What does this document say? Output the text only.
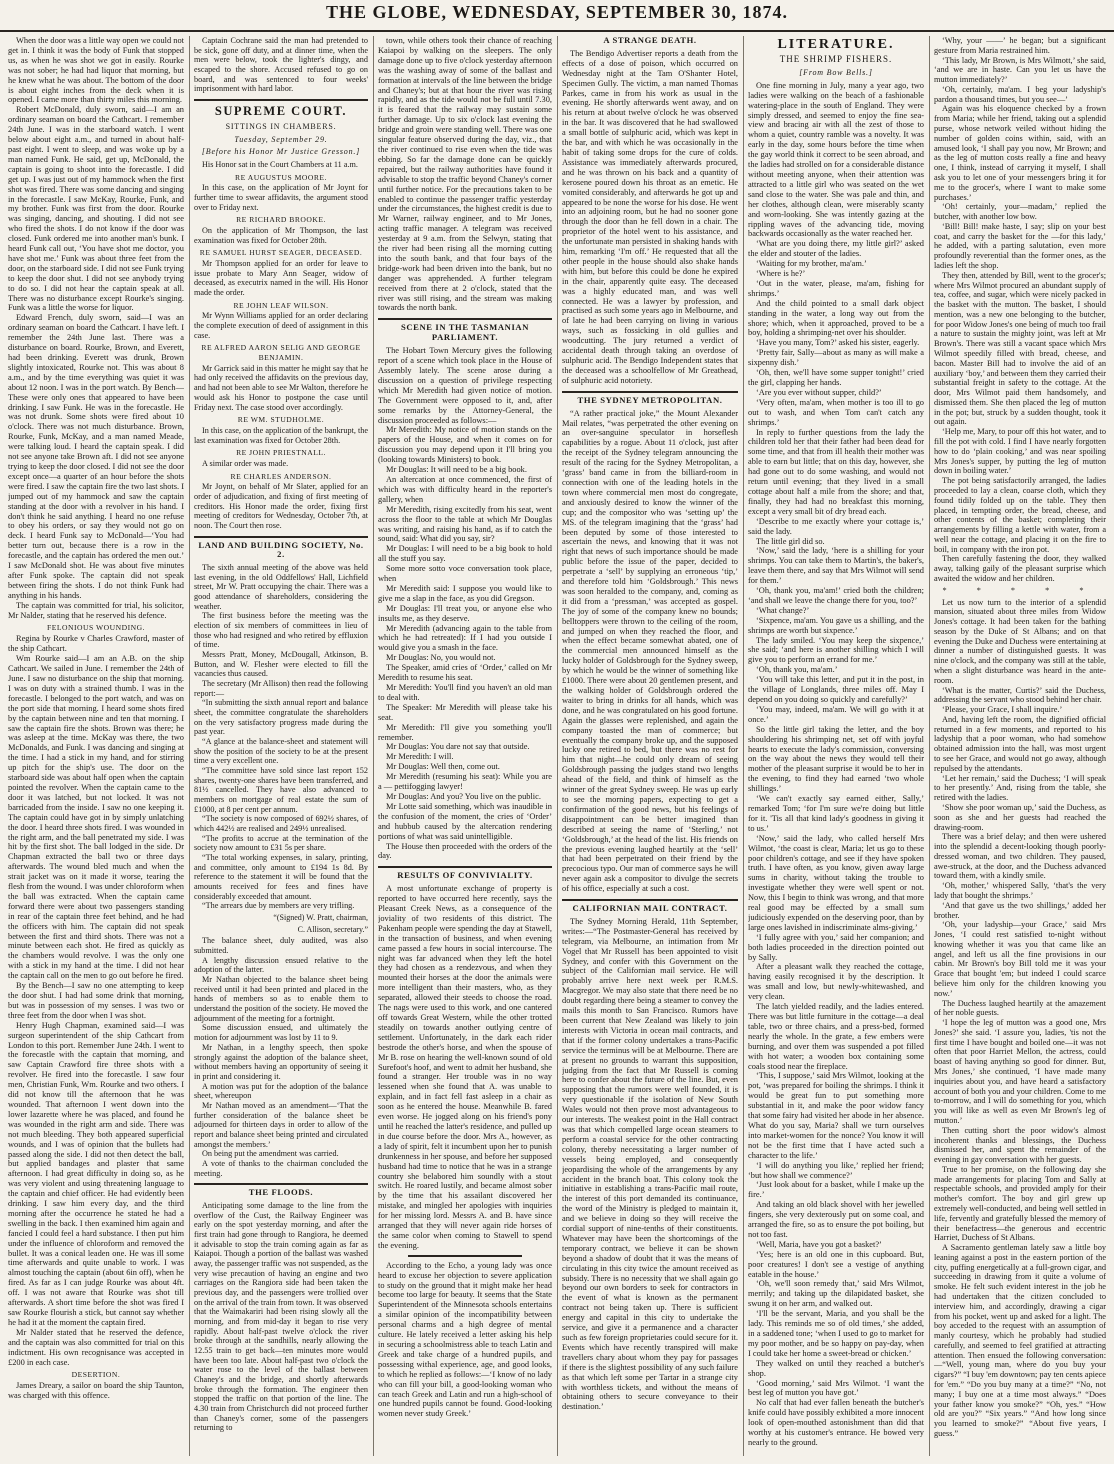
THE GLOBE, WEDNESDAY, SEPTEMBER 30, 1874.

When the door was a little way open we could not get in. I think it was the body of Funk that stopped us, as when he was shot we got in easily. Rourke was not sober; he had had liquor that morning, but he knew what he was about. The bottom of the door is about eight inches from the deck when it is opened. I came more than thirty miles this morning.

Robert McDonald, duly sworn, said—I am an ordinary seaman on board the Cathcart. I remember 24th June. I was in the starboard watch. I went below about eight a.m., and turned in about half-past eight. I went to sleep, and was woke up by a man named Funk. He said, get up, McDonald, the captain is going to shoot into the forecastle. I did get up. I was just out of my hammock when the first shot was fired. There was some dancing and singing in the forecastle. I saw McKay, Rourke, Funk, and my brother. Funk was first from the door. Rourke was singing, dancing, and shouting. I did not see who fired the shots. I do not know if the door was closed. Funk ordered me into another man's bunk. I heard Funk call out, ‘You have shot me doctor, you have shot me.’ Funk was about three feet from the door, on the starboard side. I did not see Funk trying to keep the door shut. I did not see anybody trying to do so. I did not hear the captain speak at all. There was no disturbance except Rourke's singing. Funk was a little the worse for liquor.

Edward French, duly sworn, said—I was an ordinary seaman on board the Cathcart. I have left. I remember the 24th June last. There was a disturbance on board. Rourke, Brown, and Everett, had been drinking. Everett was drunk, Brown slightly intoxicated, Rourke not. This was about 8 a.m., and by the time everything was quiet it was about 12 noon. I was in the port watch. By Bench—These were only ones that appeared to have been drinking. I saw Funk. He was in the forecastle. He was not drunk. Some shots were fired about 10 o'clock. There was not much disturbance. Brown, Rourke, Funk, McKay, and a man named Meade, were talking loud. I heard the captain speak. I did not see anyone take Brown aft. I did not see anyone trying to keep the door closed. I did not see the door except once—a quarter of an hour before the shots were fired. I saw the captain fire the two last shots. I jumped out of my hammock and saw the captain standing at the door with a revolver in his hand. I don't think he said anything. I heard no one refuse to obey his orders, or say they would not go on deck. I heard Funk say to McDonald—‘You had better turn out, because there is a row in the forecastle, and the captain has ordered the men out.’ I saw McDonald shot. He was about five minutes after Funk spoke. The captain did not speak between firing the shots. I do not think Funk had anything in his hands.

The captain was committed for trial, his solicitor, Mr Nalder, stating that he reserved his defence.

FELONIOUS WOUNDING.

Regina by Rourke v Charles Crawford, master of the ship Cathcart.

Wm Rourke said—I am an A.B. on the ship Cathcart. We sailed in June. I remember the 24th of June. I saw no disturbance on the ship that morning. I was on duty with a strained thumb. I was in the forecastle. I belonged to the port watch, and was on the port side that morning. I heard some shots fired by the captain between nine and ten that morning. I saw the captain fire the shots. Brown was there; he was asleep at the time. McKay was there, the two McDonalds, and Funk. I was dancing and singing at the time. I had a stick in my hand, and for stirring up pitch for the ship's use. The door on the starboard side was about half open when the captain pointed the revolver. When the captain came to the door it was latched, but not locked. It was not barricaded from the inside. I saw no one keeping it. The captain could have got in by simply unlatching the door. I heard three shots fired. I was wounded in the right arm, and the ball penetrated my side. I was hit by the first shot. The ball lodged in the side. Dr Chapman extracted the ball two or three days afterwards. The wound bled much and when the strait jacket was on it made it worse, tearing the flesh from the wound. I was under chloroform when the ball was extracted. When the captain came forward there were about two passengers standing in rear of the captain three feet behind, and he had the officers with him. The captain did not speak between the first and third shots. There was not a minute between each shot. He fired as quickly as the chambers would revolve. I was the only one with a stick in my hand at the time. I did not hear the captain call on the men to go out before he fired.

By the Bench—I saw no one attempting to keep the door shut. I had had some drink that morning, but was in possession of my senses. I was two or three feet from the door when I was shot.

Henry Hugh Chapman, examined said—I was surgeon superintendent of the ship Cathcart from London to this port. Remember June 24th. I went to the forecastle with the captain that morning, and saw Captain Crawford fire three shots with a revolver. He fired into the forecastle. I saw four men, Christian Funk, Wm. Rourke and two others. I did not know till the afternoon that he was wounded. That afternoon I went down into the lower lazarette where he was placed, and found he was wounded in the right arm and side. There was not much bleeding. They both appeared superficial wounds, and I was of opinion that the bullets had passed along the side. I did not then detect the ball, but applied bandages and plaster that same afternoon. I had great difficulty in doing so, as he was very violent and using threatening language to the captain and chief officer. He had evidently been drinking. I saw him every day, and the third morning after the occurrence he stated he had a swelling in the back. I then examined him again and fancied I could feel a hard substance. I then put him under the influence of chloroform and removed the bullet. It was a conical leaden one. He was ill some time afterwards and quite unable to work. I was almost touching the captain (about 6in off), when he fired. As far as I can judge Rourke was about 4ft. off. I was not aware that Rourke was shot till afterwards. A short time before the shot was fired I saw Rourke flourish a stick, but cannot say whether he had it at the moment the captain fired.

Mr Nalder stated that he reserved the defence, and the captain was also committed for trial on this indictment. His own recognisance was accepted in £200 in each case.

DESERTION.

James Dreary, a sailor on board the ship Taunton, was charged with this offence.

Captain Cochrane said the man had pretended to be sick, gone off duty, and at dinner time, when the men were below, took the lighter's dingy, and escaped to the shore. Accused refused to go on board, and was sentenced to four weeks' imprisonment with hard labor.

SUPREME COURT.
SITTINGS IN CHAMBERS.
Tuesday, September 29.
[Before his Honor Mr Justice Gresson.]

His Honor sat in the Court Chambers at 11 a.m.

RE AUGUSTUS MOORE.

In this case, on the application of Mr Joynt for further time to swear affidavits, the argument stood over to Friday next.

RE RICHARD BROOKE.

On the application of Mr Thompson, the last examination was fixed for October 28th.

RE SAMUEL HURST SEAGER, DECEASED.

Mr Thompson applied for an order for leave to issue probate to Mary Ann Seager, widow of deceased, as executrix named in the will. His Honor made the order.

RE JOHN LEAF WILSON.

Mr Wynn Williams applied for an order declaring the complete execution of deed of assignment in this case.

RE ALFRED AARON SELIG AND GEORGE BENJAMIN.

Mr Garrick said in this matter he might say that he had only received the affidavits on the previous day, and had not been able to see Mr Walton, therefore he would ask his Honor to postpone the case until Friday next. The case stood over accordingly.

RE WM. STUDHOLME.

In this case, on the application of the bankrupt, the last examination was fixed for October 28th.

RE JOHN PRIESTNALL.

A similar order was made.

RE CHARLES ANDERSON.

Mr Joynt, on behalf of Mr Slater, applied for an order of adjudication, and fixing of first meeting of creditors. His Honor made the order, fixing first meeting of creditors for Wednesday, October 7th, at noon. The Court then rose.

LAND AND BUILDING SOCIETY, No. 2.

The sixth annual meeting of the above was held last evening, in the old Oddfellows' Hall, Lichfield street, Mr W. Pratt occupying the chair. There was a good attendance of shareholders, considering the weather.

The first business before the meeting was the election of six members of committees in lieu of those who had resigned and who retired by effluxion of time.

Messrs Pratt, Money, McDougall, Atkinson, B. Button, and W. Flesher were elected to fill the vacancies thus caused.

The secretary (Mr Allison) then read the following report:—

“In submitting the sixth annual report and balance sheet, the committee congratulate the shareholders on the very satisfactory progress made during the past year.

“A glance at the balance-sheet and statement will show the position of the society to be at the present time a very excellent one.

“The committee have sold since last report 152 shares, twenty-one shares have been transferred, and 81½ cancelled. They have also advanced to members on mortgage of real estate the sum of £1000, at 8 per cent per annum.

“The society is now composed of 692½ shares, of which 442½ are realised and 249½ unrealised.

“The profits to accrue at the termination of the society now amount to £31 5s per share.

“The total working expenses, in salary, printing, and committee, only amount to £194 1s 8d. By reference to the statement it will be found that the amounts received for fees and fines have considerably exceeded that amount.

“The arrears due by members are very trifling.

“(Signed) W. Pratt, chairman,
C. Allison, secretary.”

The balance sheet, duly audited, was also submitted.

A lengthy discussion ensued relative to the adoption of the latter.

Mr Nathan objected to the balance sheet being received until it had been printed and placed in the hands of members so as to enable them to understand the position of the society. He moved the adjournment of the meeting for a fortnight.

Some discussion ensued, and ultimately the motion for adjournment was lost by 11 to 9.

Mr Nathan, in a lengthy speech, then spoke strongly against the adoption of the balance sheet, without members having an opportunity of seeing it in print and considering it.

A motion was put for the adoption of the balance sheet, whereupon

Mr Nathan moved as an amendment—‘That the further consideration of the balance sheet be adjourned for thirteen days in order to allow of the report and balance sheet being printed and circulated amongst the members.’

On being put the amendment was carried.

A vote of thanks to the chairman concluded the meeting.

THE FLOODS.

Anticipating some damage to the line from the overflow of the Cust, the Railway Engineer was early on the spot yesterday morning, and after the first train had gone through to Rangiora, he deemed it advisable to stop the train coming again as far as Kaiapoi. Though a portion of the ballast was washed away, the passenger traffic was not suspended, as the very wise precaution of having an engine and two carriages on the Rangiora side had been taken the previous day, and the passengers were trollied over on the arrival of the train from town. It was observed that the Waimakariri had been rising slowly all the morning, and from mid-day it began to rise very rapidly. About half-past twelve o'clock the river broke through at the sandhills, nearly allowing the 12.55 train to get back—ten minutes more would have been too late. About half-past two o'clock the water rose to the level of the ballast between Chaney's and the bridge, and shortly afterwards broke through the formation. The engineer then stopped the traffic on that portion of the line. The 4.30 train from Christchurch did not proceed further than Chaney's corner, some of the passengers returning to

town, while others took their chance of reaching Kaiapoi by walking on the sleepers. The only damage done up to five o'clock yesterday afternoon was the washing away of some of the ballast and formation at intervals of the line between the bridge and Chaney's; but at that hour the river was rising rapidly, and as the tide would not be full until 7.30, it is feared that the railway may sustain some further damage. Up to six o'clock last evening the bridge and groin were standing well. There was one singular feature observed during the day, viz., that the river continued to rise even when the tide was ebbing. So far the damage done can be quickly repaired, but the railway authorities have found it advisable to stop the traffic beyond Chaney's corner until further notice. For the precautions taken to be enabled to continue the passenger traffic yesterday under the circumstances, the highest credit is due to Mr Warner, railway engineer, and to Mr Jones, acting traffic manager. A telegram was received yesterday at 9 a.m. from the Selwyn, stating that the river had been rising all the morning cutting into the south bank, and that four bays of the bridge-work had been driven into the bank, but no danger was apprehended. A further telegram received from there at 2 o'clock, stated that the river was still rising, and the stream was making towards the north bank.

SCENE IN THE TASMANIAN PARLIAMENT.

The Hobart Town Mercury gives the following report of a scene which took place in the House of Assembly lately. The scene arose during a discussion on a question of privilege respecting which Mr Meredith had given notice of motion. The Government were opposed to it, and, after some remarks by the Attorney-General, the discussion proceeded as follows:—

Mr Meredith: My notice of motion stands on the papers of the House, and when it comes on for discussion you may depend upon it I'll bring you (looking towards Ministers) to book.

Mr Douglas: It will need to be a big book.

An altercation at once commenced, the first of which was with difficulty heard in the reporter's gallery, when

Mr Meredith, rising excitedly from his seat, went across the floor to the table at which Mr Douglas was writing, and raising his hand, as if to catch the sound, said: What did you say, sir?

Mr Douglas: I will need to be a big book to hold all the stuff you say.

Some more sotto voce conversation took place, when

Mr Meredith said: I suppose you would like to give me a slap in the face, as you did Gregson.

Mr Douglas: I'll treat you, or anyone else who insults me, as they deserve.

Mr Meredith (advancing again to the table from which he had retreated): If I had you outside I would give you a smash in the face.

Mr Douglas: No, you would not.

The Speaker, amid cries of ‘Order,’ called on Mr Meredith to resume his seat.

Mr Meredith: You'll find you haven't an old man to deal with.

The Speaker: Mr Meredith will please take his seat.

Mr Meredith: I'll give you something you'll remember.

Mr Douglas: You dare not say that outside.

Mr Meredith: I will.

Mr Douglas: Well then, come out.

Mr Meredith (resuming his seat): While you are a — pettifogging lawyer!

Mr Douglas: And you? You live on the public.

Mr Lotte said something, which was inaudible in the confusion of the moment, the cries of ‘Order’ and hubbub caused by the altercation rendering portions of what was said unintelligible.

The House then proceeded with the orders of the day.

RESULTS OF CONVIVIALITY.

A most unfortunate exchange of property is reported to have occurred here recently, says the Pleasant Creek News, as a consequence of the joviality of two residents of this district. The Pakenham people were spending the day at Stawell, in the transaction of business, and when evening came passed a few hours in social intercourse. The night was far advanced when they left the hotel they had chosen as a rendezvous, and when they mounted their horses at the door the animals were more intelligent than their masters, who, as they separated, allowed their steeds to choose the road. The nags were used to this work, and one cantered off towards Great Western, while the other trotted steadily on towards another outlying centre of settlement. Unfortunately, in the dark each rider bestrode the other's horse, and when the spouse of Mr B. rose on hearing the well-known sound of old Surefoot's hoof, and went to admit her husband, she found a stranger. Her trouble was in no way lessened when she found that A. was unable to explain, and in fact fell fast asleep in a chair as soon as he entered the house. Meanwhile B. fared even worse. He jogged along on his friend's pony until he reached the latter's residence, and pulled up in due course before the door. Mrs A., however, as a lady of spirit, felt it incumbent upon her to punish drunkenness in her spouse, and before her supposed husband had time to notice that he was in a strange country she belabored him soundly with a stout switch. He roared lustily, and became almost sober by the time that his assailant discovered her mistake, and mingled her apologies with inquiries for her missing lord. Messrs A. and B. have since arranged that they will never again ride horses of the same color when coming to Stawell to spend the evening.

According to the Echo, a young lady was once heard to excuse her objection to severe application to study on the ground that it might make her head become too large for beauty. It seems that the State Superintendent of the Minnesota schools entertains a similar opinion of the incompatibility between personal charms and a high degree of mental culture. He lately received a letter asking his help in securing a schoolmistress able to teach Latin and Greek and take charge of a hundred pupils, and possessing withal experience, age, and good looks, to which he replied as follows:—‘I know of no lady who can fill your bill, a good-looking woman who can teach Greek and Latin and run a high-school of one hundred pupils cannot be found. Good-looking women never study Greek.’

A STRANGE DEATH.

The Bendigo Advertiser reports a death from the effects of a dose of poison, which occurred on Wednesday night at the Tam O'Shanter Hotel, Specimen Gully. The victim, a man named Thomas Parkes, came in from his work as usual in the evening. He shortly afterwards went away, and on his return at about twelve o'clock he was observed in the bar. It was discovered that he had swallowed a small bottle of sulphuric acid, which was kept in the bar, and with which he was occasionally in the habit of taking some drops for the cure of colds. Assistance was immediately afterwards procured, and he was thrown on his back and a quantity of kerosene poured down his throat as an emetic. He vomited considerably, and afterwards he got up and appeared to be none the worse for his dose. He went into an adjoining room, but he had no sooner gone through the door than he fell down in a chair. The proprietor of the hotel went to his assistance, and the unfortunate man persisted in shaking hands with him, remarking ‘I'm off.’ He requested that all the other people in the house should also shake hands with him, but before this could be done he expired in the chair, apparently quite easy. The deceased was a highly educated man, and was well connected. He was a lawyer by profession, and practised as such some years ago in Melbourne, and of late he had been carrying on living in various ways, such as fossicking in old gullies and woodcutting. The jury returned a verdict of accidental death through taking an overdose of sulphuric acid. The Bendigo Independent states that the deceased was a schoolfellow of Mr Greathead, of sulphuric acid notoriety.

THE SYDNEY METROPOLITAN.

“A rather practical joke,” the Mount Alexander Mail relates, “was perpetrated the other evening on an over-sanguine speculator in horseflesh capabilities by a rogue. About 11 o'clock, just after the receipt of the Sydney telegram announcing the result of the racing for the Sydney Metropolitan, a ‘grass’ band came in from the billiard-room in connection with one of the leading hotels in the town where commercial men most do congregate, and anxiously desired to know the winner of the cup; and the compositor who was ‘setting up’ the MS. of the telegram imagining that the ‘grass’ had been deputed by some of those interested to ascertain the news, and knowing that it was not right that news of such importance should be made public before the issue of the paper, decided to perpetrate a ‘sell’ by supplying an erroneous ‘tip,’ and therefore told him ‘Goldsbrough.’ This news was soon heralded to the company, and, coming as it did from a ‘pressman,’ was accepted as gospel. The joy of some of the company knew no bounds; belltoppers were thrown to the ceiling of the room, and jumped on when they reached the floor, and when the effect became somewhat abated, one of the commercial men announced himself as the lucky holder of Goldsbrough for the Sydney sweep, by which he would be the winner of something like £1000. There were about 20 gentlemen present, and the walking holder of Goldsbrough ordered the waiter to bring in drinks for all hands, which was done, and he was congratulated on his good fortune. Again the glasses were replenished, and again the company toasted the man of commerce; but eventually the company broke up, and the supposed lucky one retired to bed, but there was no rest for him that night—he could only dream of seeing Goldsbrough passing the judges stand two lengths ahead of the field, and think of himself as the winner of the great Sydney sweep. He was up early to see the morning papers, expecting to get a confirmation of the good news, but his feelings of disappointment can be better imagined than described at seeing the name of ‘Sterling,’ not ‘Goldsbrough,’ at the head of the list. His friends on the previous evening laughed heartily at the ‘sell’ that had been perpetrated on their friend by the precocious typo. Our man of commerce says he will never again ask a compositor to divulge the secrets of his office, especially at such a cost.

CALIFORNIAN MAIL CONTRACT.

The Sydney Morning Herald, 11th September, writes:—“The Postmaster-General has received by telegram, via Melbourne, an intimation from Mr Vogel that Mr Russell has been appointed to visit Sydney, and confer with this Government on the subject of the Californian mail service. He will probably arrive here next week per R.M.S. Macgregor. We may also state that there need be no doubt regarding there being a steamer to convey the mails this month to San Francisco. Rumors have been current that New Zealand was likely to join interests with Victoria in ocean mail contracts, and that if the former colony undertakes a trans-Pacific service the terminus will be at Melbourne. There are at present no grounds to warrant this supposition, judging from the fact that Mr Russell is coming here to confer about the future of the line. But, even supposing that the rumors were well founded, it is very questionable if the isolation of New South Wales would not then prove most advantageous to our interests. The weakest point in the Hall contract was that which compelled large ocean steamers to perform a coastal service for the other contracting colony, thereby necessitating a larger number of vessels being employed, and consequently jeopardising the whole of the arrangements by any accident in the branch boat. This colony took the initiative in establishing a trans-Pacific mail route, the interest of this port demanded its continuance, the word of the Ministry is pledged to maintain it, and we believe in doing so they will receive the cordial support of nine-tenths of their constituents. Whatever may have been the shortcomings of the temporary contract, we believe it can be shown beyond a shadow of doubt that it was the means of circulating in this city twice the amount received as subsidy. There is no necessity that we shall again go beyond our own borders to seek for contractors in the event of what is known as the permanent contract not being taken up. There is sufficient energy and capital in this city to undertake the service, and give it a permanence and a character such as few foreign proprietaries could secure for it. Events which have recently transpired will make travellers chary about whom they pay for passages if there is the slightest possibility of any such failure as that which left some per Tartar in a strange city with worthless tickets, and without the means of obtaining others to secure conveyance to their destination.’

LITERATURE.
THE SHRIMP FISHERS.
[From Bow Bells.]

One fine morning in July, many a year ago, two ladies were walking on the beach of a fashionable watering-place in the south of England. They were simply dressed, and seemed to enjoy the fine sea-view and bracing air with all the zest of those to whom a quiet, country ramble was a novelty. It was early in the day, some hours before the time when the gay world think it correct to be seen abroad, and the ladies had strolled on for a considerable distance without meeting anyone, when their attention was attracted to a little girl who was seated on the wet sand close to the water. She was pale and thin, and her clothes, although clean, were miserably scanty and worn-looking. She was intently gazing at the rippling waves of the advancing tide, moving backwards occasionally as the water reached her.

‘What are you doing there, my little girl?’ asked the elder and stouter of the ladies.

‘Waiting for my brother, ma'am.’

‘Where is he?’

‘Out in the water, please, ma'am, fishing for shrimps.’

And the child pointed to a small dark object standing in the water, a long way out from the shore; which, when it approached, proved to be a boy, holding a shrimping-net over his shoulder.

‘Have you many, Tom?’ asked his sister, eagerly.

‘Pretty fair, Sally—about as many as will make a sixpenny dish.’

‘Oh, then, we'll have some supper tonight!’ cried the girl, clapping her hands.

‘Are you ever without supper, child?’

‘Very often, ma'am, when mother is too ill to go out to wash, and when Tom can't catch any shrimps.’

In reply to further questions from the lady the children told her that their father had been dead for some time, and that from ill health their mother was able to earn but little; that on this day, however, she had gone out to do some washing, and would not return until evening; that they lived in a small cottage about half a mile from the shore; and that, finally, they had had no breakfast this morning, except a very small bit of dry bread each.

‘Describe to me exactly where your cottage is,’ said the lady.

The little girl did so.

‘Now,’ said the lady, ‘here is a shilling for your shrimps. You can take them to Martin's, the baker's, leave them there, and say that Mrs Wilmot will send for them.’

‘Oh, thank you, ma'am!’ cried both the children; ‘and shall we leave the change there for you, too?’

‘What change?’

‘Sixpence, ma'am. You gave us a shilling, and the shrimps are worth but sixpence.’

The lady smiled. ‘You may keep the sixpence,’ she said; ‘and here is another shilling which I will give you to perform an errand for me.’

‘Oh, thank you, ma'am.’

‘You will take this letter, and put it in the post, in the village of Longlands, three miles off. May I depend on you doing so quickly and carefully?’

‘You may, indeed, ma'am. We will go with it at once.’

So the little girl taking the letter, and the boy shouldering his shrimping net, set off with joyful hearts to execute the lady's commission, conversing on the way about the news they would tell their mother of the pleasant surprise it would be to her in the evening, to find they had earned ‘two whole shillings.’

‘We can't exactly say earned either, Sally,’ remarked Tom; ‘for I'm sure we're doing but little for it. 'Tis all that kind lady's goodness in giving it to us.’

‘Now,’ said the lady, who called herself Mrs Wilmot, ‘the coast is clear, Maria; let us go to these poor children's cottage, and see if they have spoken truth. I have often, as you know, given away large sums in charity, without taking the trouble to investigate whether they were well spent or not. Now, this I begin to think was wrong, and that more real good may be effected by a small sum judiciously expended on the deserving poor, than by large ones lavished in indiscriminate alms-giving.’

‘I fully agree with you,’ said her companion; and both ladies proceeded in the direction pointed out by Sally.

After a pleasant walk they reached the cottage, having easily recognised it by the description. It was small and low, but newly-whitewashed, and very clean.

The latch yielded readily, and the ladies entered. There was but little furniture in the cottage—a deal table, two or three chairs, and a press-bed, formed nearly the whole. In the grate, a few embers were burning, and over them was suspended a pot filled with hot water; a wooden box containing some coals stood near the fireplace.

‘This, I suppose,’ said Mrs Wilmot, looking at the pot, ‘was prepared for boiling the shrimps. I think it would be great fun to put something more substantial in it, and make the poor widow fancy that some fairy had visited her abode in her absence. What do you say, Maria? shall we turn ourselves into market-women for the nonce? You know it will not be the first time that I have acted such a character to the life.’

‘I will do anything you like,’ replied her friend; ‘but how shall we commence?’

‘Just look about for a basket, while I make up the fire.’

And taking an old black shovel with her jewelled fingers, she very dexterously put on some coal, and arranged the fire, so as to ensure the pot boiling, but not too fast.

‘Well, Maria, have you got a basket?’

‘Yes; here is an old one in this cupboard. But, poor creatures! I don't see a vestige of anything eatable in the house.’

‘Oh, we'll soon remedy that,’ said Mrs Wilmot, merrily; and taking up the dilapidated basket, she swung it on her arm, and walked out.

‘I'll be the servant, Maria, and you shall be the lady. This reminds me so of old times,’ she added, in a saddened tone; ‘when I used to go to market for my poor mother, and be so happy on pay-day, when I could take her home a sweet-bread or chicken.’

They walked on until they reached a butcher's shop.

‘Good morning,’ said Mrs Wilmot. ‘I want the best leg of mutton you have got.’

No calf that had ever fallen beneath the butcher's knife could have possibly exhibited a more innocent look of open-mouthed astonishment than did that worthy at his customer's entrance. He bowed very nearly to the ground.

‘Why, your ——’ he began; but a significant gesture from Maria restrained him.

‘This lady, Mr Brown, is Mrs Wilmott,’ she said, ‘and we are in haste. Can you let us have the mutton immediately?’

‘Oh, certainly, ma'am. I beg your ladyship's pardon a thousand times, but you see—’

Again was his eloquence checked by a frown from Maria; while her friend, taking out a splendid purse, whose network veiled without hiding the number of golden coins within, said, with an amused look, ‘I shall pay you now, Mr Brown; and as the leg of mutton costs really a fine and heavy one, I think, instead of carrying it myself, I shall ask you to let one of your messengers bring it for me to the grocer's, where I want to make some purchases.’

‘Oh! certainly, your—madam,’ replied the butcher, with another low bow.

‘Bill! Bill! make haste, I say; slip on your best coat, and carry the basket for the —for this lady,’ he added, with a parting salutation, even more profoundly reverential than the former ones, as the ladies left the shop.

They then, attended by Bill, went to the grocer's; where Mrs Wilmot procured an abundant supply of tea, coffee, and sugar, which were nicely packed in the basket with the mutton. The basket, I should mention, was a new one belonging to the butcher, for poor Widow Jones's one being of much too frail a nature to sustain the mighty joint, was left at Mr Brown's. There was still a vacant space which Mrs Wilmot speedily filled with bread, cheese, and bacon. Master Bill had to involve the aid of an auxiliary ‘boy,’ and between them they carried their substantial freight in safety to the cottage. At the door, Mrs Wilmot paid them handsomely, and dismissed them. She then placed the leg of mutton in the pot; but, struck by a sudden thought, took it out again.

‘Help me, Mary, to pour off this hot water, and to fill the pot with cold. I find I have nearly forgotten how to do ‘plain cooking,’ and was near spoiling Mrs Jones's supper, by putting the leg of mutton down in boiling water.’

The pot being satisfactorily arranged, the ladies proceeded to lay a clean, coarse cloth, which they found tidily folded up on the table. They then placed, in tempting order, the bread, cheese, and other contents of the basket; completing their arrangements by filling a kettle with water, from a well near the cottage, and placing it on the fire to boil, in company with the iron pot.

Then carefully fastening the door, they walked away, talking gaily of the pleasant surprise which awaited the widow and her children.

* * * * *

Let us now turn to the interior of a splendid mansion, situated about three miles from Widow Jones's cottage. It had been taken for the bathing season by the Duke of St Albans; and on that evening the Duke and Duchess were entertaining at dinner a number of distinguished guests. It was nine o'clock, and the company was still at the table, when a slight disturbance was heard in the ante-room.

‘What is the matter, Curtis?’ said the Duchess, addressing the servant who stood behind her chair.

‘Please, your Grace, I shall inquire.’

And, having left the room, the dignified official returned in a few moments, and reported to his ladyship that a poor woman, who had somehow obtained admission into the hall, was most urgent to see her Grace, and would not go away, although repulsed by the attendants.

‘Let her remain,’ said the Duchess; ‘I will speak to her presently.’ And, rising from the table, she retired with the ladies.

‘Show she poor woman up,’ said the Duchess, as soon as she and her guests had reached the drawing-room.

There was a brief delay; and then were ushered into the splendid a decent-looking though poorly-dressed woman, and two children. They paused, awe-struck, at the door, and the Duchess advanced toward them, with a kindly smile.

‘Oh, mother,’ whispered Sally, ‘that's the very lady that bought the shrimps.’

‘And that gave us the two shillings,’ added her brother.

‘Oh, your ladyship—your Grace,’ said Mrs Jones, ‘I could rest satisfied to-night without knowing whether it was you that came like an angel, and left us all the fine provisions in our cabin. Mr Brown's boy Bill told me it was your Grace that bought 'em; but indeed I could scarce believe him only for the children knowing you now.’

The Duchess laughed heartily at the amazement of her noble guests.

‘I hope the leg of mutton was a good one, Mrs Jones?’ she said. ‘I assure you, ladies, 'tis not the first time I have bought and boiled one—it was not often that poor Harriet Mellon, the actress, could boast of having anything so good for dinner. But, Mrs Jones,’ she continued, ‘I have made many inquiries about you, and have heard a satisfactory account of both you and your children. Come to me to-morrow, and I will do something for you, which you will like as well as even Mr Brown's leg of mutton.’

Then cutting short the poor widow's almost incoherent thanks and blessings, the Duchess dismissed her, and spent the remainder of the evening in gay conversation with her guests.

True to her promise, on the following day she made arrangements for placing Tom and Sally at respectable schools, and provided amply for their mother's comfort. The boy and girl grew up extremely well-conducted, and being well settled in life, fervently and gratefully blessed the memory of their benefactress—the generous and eccentric Harriet, Duchess of St Albans.

A Sacramento gentleman lately saw a little boy leaning against a post in the eastern portion of the city, puffing energetically at a full-grown cigar, and succeeding in drawing from it quite a volume of smoke. He felt such evident interest in the job he had undertaken that the citizen concluded to interview him, and accordingly, drawing a cigar from his pocket, went up and asked for a light. The boy acceded to the request with an assumption of manly courtesy, which he probably had studied carefully, and seemed to feel gratified at attracting attention. Then ensued the following conversation:—“Well, young man, where do you buy your cigars?” “I buy 'em downtown; pay ten cents apiece for 'em.” “Do you buy many at a time?” “No, not many; I buy one at a time most always.” “Does your father know you smoke?” “Oh, yes.” “How old are you?” “Six years.” “And how long since you learned to smoke?” “About five years, I guess.”
